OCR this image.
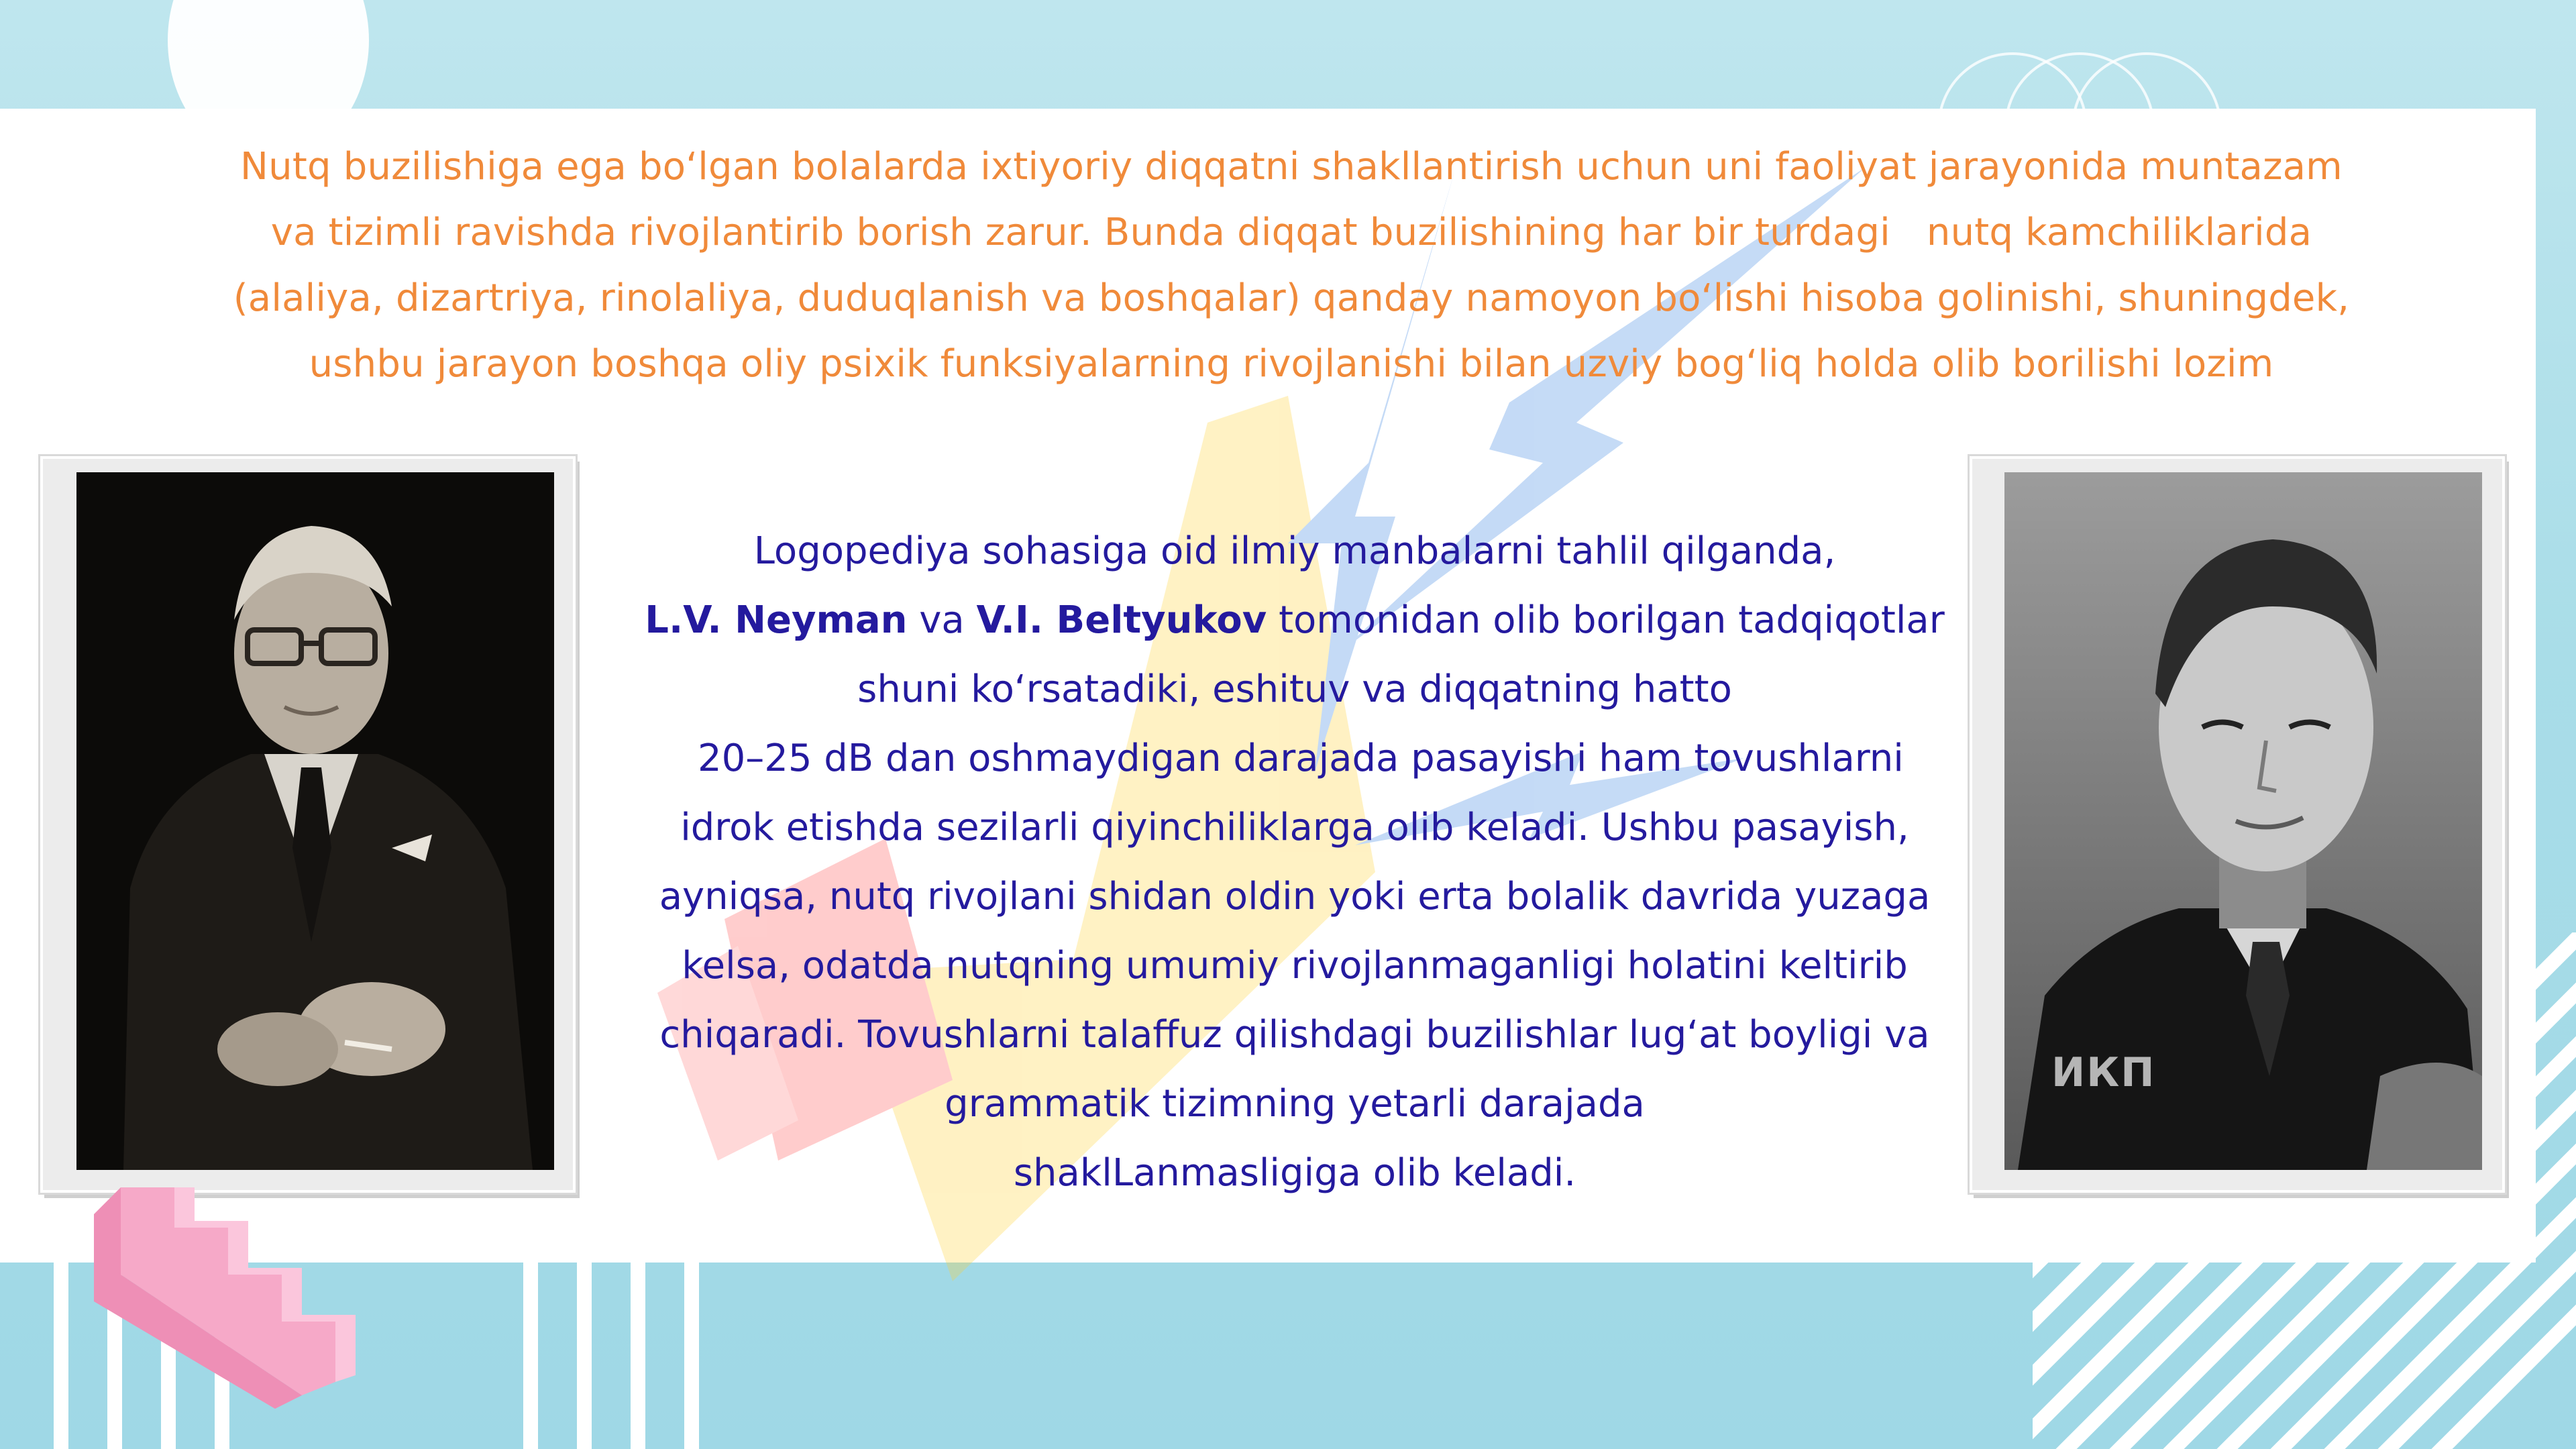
Nutq buzilishiga ega bo‘lgan bolalarda ixtiyoriy diqqatni shakllantirish uchun uni faoliyat jarayonida muntazam
va tizimli ravishda rivojlantirib borish zarur. Bunda diqqat buzilishining har bir turdagi   nutq kamchiliklarida
(alaliya, dizartriya, rinolaliya, duduqlanish va boshqalar) qanday namoyon bo‘lishi hisoba golinishi, shuningdek,
ushbu jarayon boshqa oliy psixik funksiyalarning rivojlanishi bilan uzviy bog‘liq holda olib borilishi lozim
ИКП
Logopediya sohasiga oid ilmiy manbalarni tahlil qilganda,
L.V. Neyman va V.I. Beltyukov tomonidan olib borilgan tadqiqotlar
shuni ko‘rsatadiki, eshituv va diqqatning hatto
20–25 dB dan oshmaydigan darajada pasayishi ham tovushlarni
idrok etishda sezilarli qiyinchiliklarga olib keladi. Ushbu pasayish,
ayniqsa, nutq rivojlani shidan oldin yoki erta bolalik davrida yuzaga
kelsa, odatda nutqning umumiy rivojlanmaganligi holatini keltirib
chiqaradi. Tovushlarni talaffuz qilishdagi buzilishlar lug‘at boyligi va
grammatik tizimning yetarli darajada
shaklLanmasligiga olib keladi.
